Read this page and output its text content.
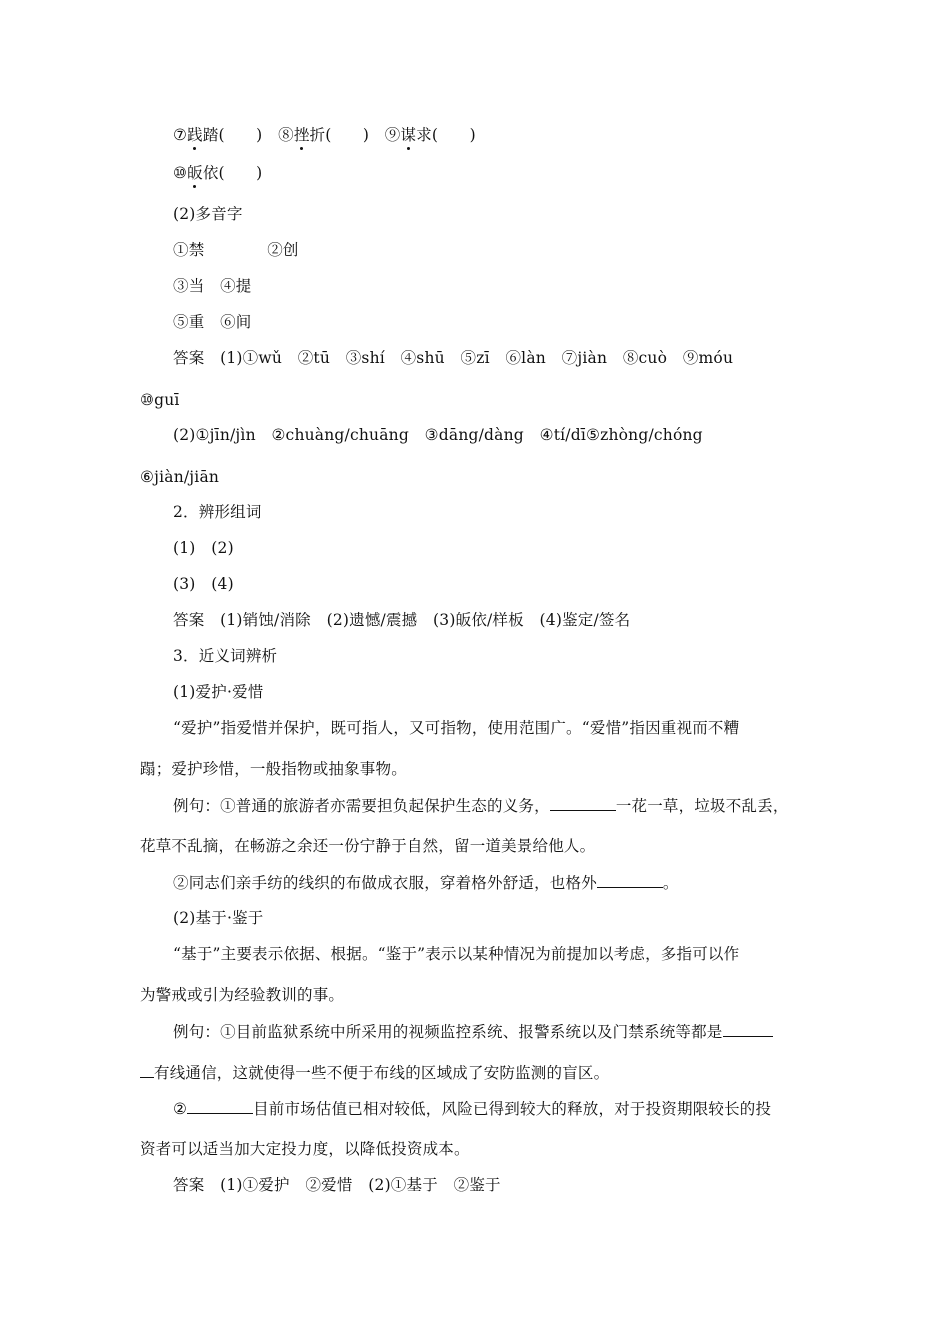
⑦践踏(　　)　⑧挫折(　　)　⑨谋求(　　)
⑩皈依(　　)
(2)多音字
①禁　　　　②创
③当　④提
⑤重　⑥间
答案　(1)①wǔ　②tū　③shí　④shū　⑤zī　⑥làn　⑦jiàn　⑧cuò　⑨móu
⑩guī
(2)①jīn/jìn　②chuàng/chuāng　③dāng/dàng　④tí/dī⑤zhòng/chóng
⑥jiàn/jiān
2．辨形组词
(1)　(2)
(3)　(4)
答案　(1)销蚀/消除　(2)遗憾/震撼　(3)皈依/样板　(4)鉴定/签名
3．近义词辨析
(1)爱护·爱惜
“爱护”指爱惜并保护，既可指人，又可指物，使用范围广。“爱惜”指因重视而不糟
蹋；爱护珍惜，一般指物或抽象事物。
例句：①普通的旅游者亦需要担负起保护生态的义务，	一花一草，垃圾不乱丢，
花草不乱摘，在畅游之余还一份宁静于自然，留一道美景给他人。
②同志们亲手纺的线织的布做成衣服，穿着格外舒适，也格外	。
(2)基于·鉴于
“基于”主要表示依据、根据。“鉴于”表示以某种情况为前提加以考虑，多指可以作
为警戒或引为经验教训的事。
例句：①目前监狱系统中所采用的视频监控系统、报警系统以及门禁系统等都是
有线通信，这就使得一些不便于布线的区域成了安防监测的盲区。
②	目前市场估值已相对较低，风险已得到较大的释放，对于投资期限较长的投
资者可以适当加大定投力度，以降低投资成本。
答案　(1)①爱护　②爱惜　(2)①基于　②鉴于
